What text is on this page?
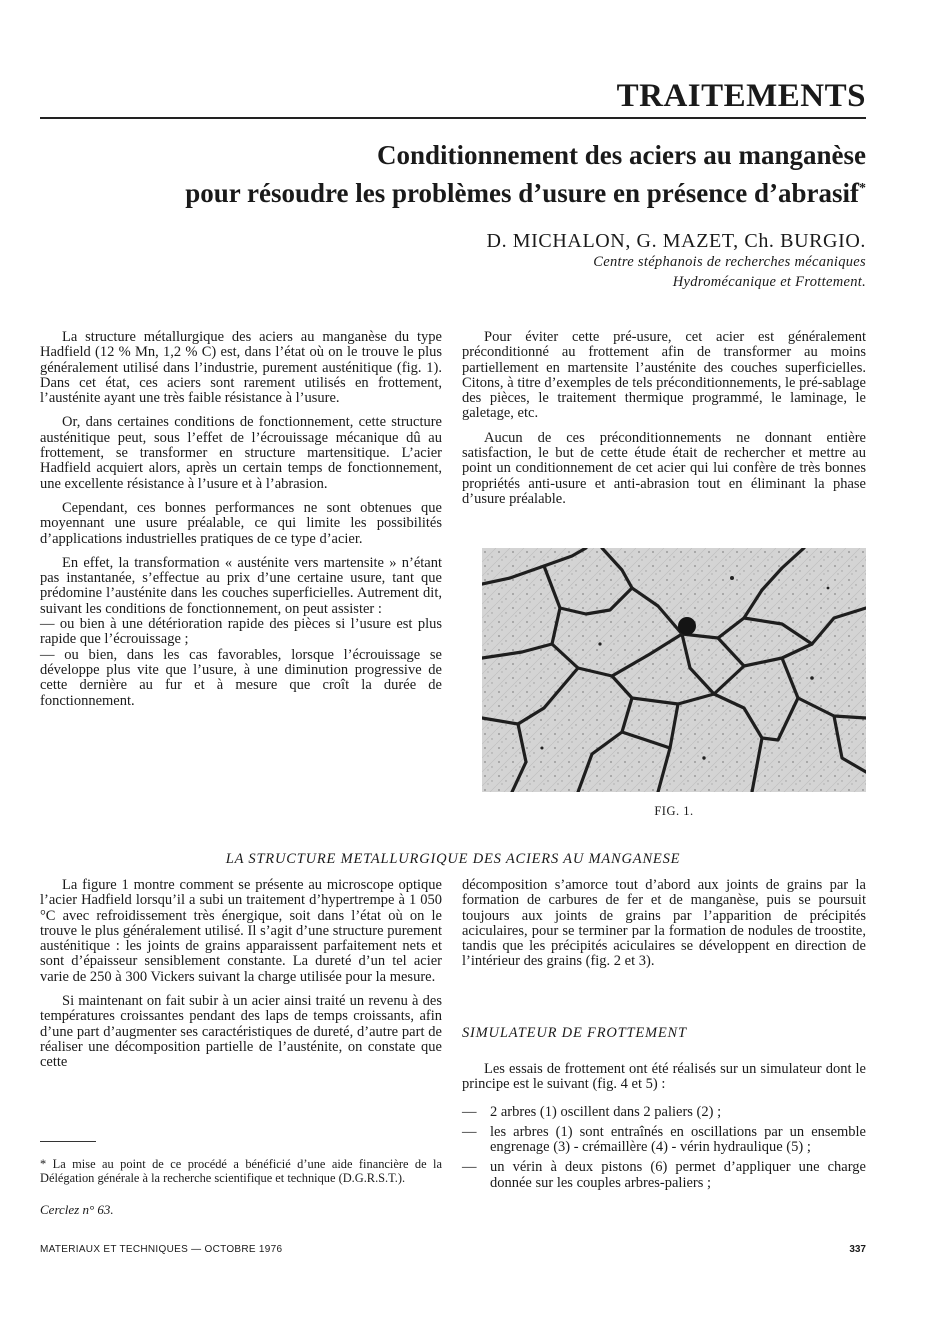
TRAITEMENTS
Conditionnement des aciers au manganèse
pour résoudre les problèmes d’usure en présence d’abrasif*
D. MICHALON, G. MAZET, Ch. BURGIO.
Centre stéphanois de recherches mécaniques
Hydromécanique et Frottement.

La structure métallurgique des aciers au manganèse du type Hadfield (12 % Mn, 1,2 % C) est, dans l’état où on le trouve le plus généralement utilisé dans l’industrie, purement austénitique (fig. 1). Dans cet état, ces aciers sont rarement utilisés en frottement, l’austénite ayant une très faible résistance à l’usure.

Or, dans certaines conditions de fonctionnement, cette structure austénitique peut, sous l’effet de l’écrouissage mécanique dû au frottement, se transformer en structure martensitique. L’acier Hadfield acquiert alors, après un certain temps de fonctionnement, une excellente résistance à l’usure et à l’abrasion.

Cependant, ces bonnes performances ne sont obtenues que moyennant une usure préalable, ce qui limite les possibilités d’applications industrielles pratiques de ce type d’acier.

En effet, la transformation « austénite vers martensite » n’étant pas instantanée, s’effectue au prix d’une certaine usure, tant que prédomine l’austénite dans les couches superficielles. Autrement dit, suivant les conditions de fonctionnement, on peut assister :

— ou bien à une détérioration rapide des pièces si l’usure est plus rapide que l’écrouissage ;

— ou bien, dans les cas favorables, lorsque l’écrouissage se développe plus vite que l’usure, à une diminution progressive de cette dernière au fur et à mesure que croît la durée de fonctionnement.

Pour éviter cette pré-usure, cet acier est généralement préconditionné au frottement afin de transformer au moins partiellement en martensite l’austénite des couches superficielles. Citons, à titre d’exemples de tels préconditionnements, le pré-sablage des pièces, le traitement thermique programmé, le laminage, le galetage, etc.

Aucun de ces préconditionnements ne donnant entière satisfaction, le but de cette étude était de rechercher et mettre au point un conditionnement de cet acier qui lui confère de très bonnes propriétés anti-usure et anti-abrasion tout en éliminant la phase d’usure préalable.

FIG. 1.
LA STRUCTURE METALLURGIQUE DES ACIERS AU MANGANESE

La figure 1 montre comment se présente au microscope optique l’acier Hadfield lorsqu’il a subi un traitement d’hypertrempe à 1 050 °C avec refroidissement très énergique, soit dans l’état où on le trouve le plus généralement utilisé. Il s’agit d’une structure purement austénitique : les joints de grains apparaissent parfaitement nets et sont d’épaisseur sensiblement constante. La dureté d’un tel acier varie de 250 à 300 Vickers suivant la charge utilisée pour la mesure.

Si maintenant on fait subir à un acier ainsi traité un revenu à des températures croissantes pendant des laps de temps croissants, afin d’une part d’augmenter ses caractéristiques de dureté, d’autre part de réaliser une décomposition partielle de l’austénite, on constate que cette

décomposition s’amorce tout d’abord aux joints de grains par la formation de carbures de fer et de manganèse, puis se poursuit toujours aux joints de grains par l’apparition de précipités aciculaires, pour se terminer par la formation de nodules de troostite, tandis que les précipités aciculaires se développent en direction de l’intérieur des grains (fig. 2 et 3).

SIMULATEUR DE FROTTEMENT

Les essais de frottement ont été réalisés sur un simulateur dont le principe est le suivant (fig. 4 et 5) :

— 2 arbres (1) oscillent dans 2 paliers (2) ;
— les arbres (1) sont entraînés en oscillations par un ensemble engrenage (3) - crémaillère (4) - vérin hydraulique (5) ;
— un vérin à deux pistons (6) permet d’appliquer une charge donnée sur les couples arbres-paliers ;

* La mise au point de ce procédé a bénéficié d’une aide financière de la Délégation générale à la recherche scientifique et technique (D.G.R.S.T.).

Cerclez n° 63.
MATERIAUX ET TECHNIQUES — OCTOBRE 1976	337
